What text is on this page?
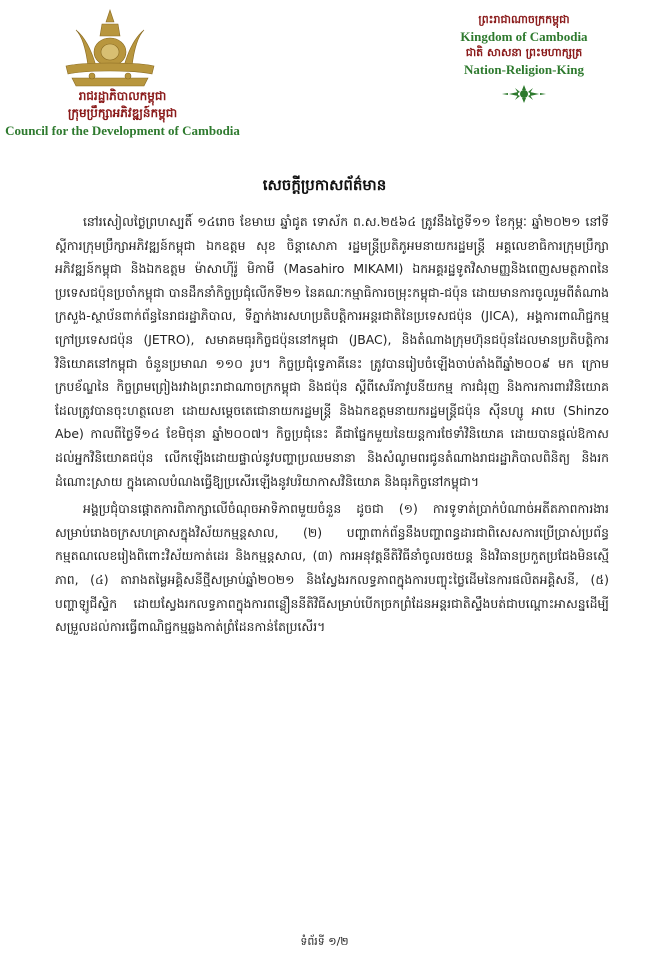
រាជរដ្ឋាភិបាលកម្ពុជា
ក្រុមប្រឹក្សាអភិវឌ្ឍន៍កម្ពុជា
Council for the Development of Cambodia
ព្រះរាជាណាចក្រកម្ពុជា
Kingdom of Cambodia
ជាតិ សាសនា ព្រះមហាក្សត្រ
Nation-Religion-King
សេចក្តីប្រកាសព័ត៌មាន

នៅរសៀលថ្ងៃព្រហស្បតិ៍ ១៤រោច ខែមាឃ ឆ្នាំជូត ទោស័ក ព.ស.២៥៦៤ ត្រូវនឹងថ្ងៃទី១១ ខែកុម្ភៈ ឆ្នាំ២០២១ នៅទីស្តីការក្រុមប្រឹក្សាអភិវឌ្ឍន៍កម្ពុជា ឯកឧត្តម សុខ ចិន្តាសោភា រដ្ឋមន្ត្រីប្រតិភូអមនាយករដ្ឋមន្ត្រី អគ្គលេខាធិការក្រុមប្រឹក្សាអភិវឌ្ឍន៍កម្ពុជា និងឯកឧត្តម ម៉ាសាហ៊ីរ៉ូ មិកាមី (Masahiro MIKAMI) ឯកអគ្គរដ្ឋទូតវិសាមញ្ញនិងពេញសមត្ថភាពនៃប្រទេសជប៉ុនប្រចាំកម្ពុជា បានដឹកនាំកិច្ចប្រជុំលើកទី២១ នៃគណៈកម្មាធិការចម្រុះកម្ពុជា-ជប៉ុន ដោយមានការចូលរួមពីតំណាងក្រសួង-ស្ថាប័នពាក់ព័ន្ធនៃរាជរដ្ឋាភិបាល, ទីភ្នាក់ងារសហប្រតិបត្តិការអន្តរជាតិនៃប្រទេសជប៉ុន (JICA), អង្គការពាណិជ្ជកម្មក្រៅប្រទេសជប៉ុន (JETRO), សមាគមធុរកិច្ចជប៉ុននៅកម្ពុជា (JBAC), និងតំណាងក្រុមហ៊ុនជប៉ុនដែលមានប្រតិបត្តិការវិនិយោគនៅកម្ពុជា ចំនួនប្រមាណ ១១០ រូប។ កិច្ចប្រជុំទ្វេភាគីនេះ ត្រូវបានរៀបចំឡើងចាប់តាំងពីឆ្នាំ២០០៩ មក ក្រោមក្របខ័ណ្ឌនៃ កិច្ចព្រមព្រៀងរវាងព្រះរាជាណាចក្រកម្ពុជា និងជប៉ុន ស្តីពីសេរីភាវូបនីយកម្ម ការជំរុញ និងការការពារវិនិយោគ ដែលត្រូវបានចុះហត្ថលេខា ដោយសម្តេចតេជោនាយករដ្ឋមន្ត្រី និងឯកឧត្តមនាយករដ្ឋមន្ត្រីជប៉ុន ស៊ីនហ្សូ អាបេ (Shinzo Abe) កាលពីថ្ងៃទី១៤ ខែមិថុនា ឆ្នាំ២០០៧។ កិច្ចប្រជុំនេះ គឺជាផ្នែកមួយនៃយន្តការថែទាំវិនិយោគ ដោយបានផ្តល់ឱកាសដល់អ្នកវិនិយោគជប៉ុន លើកឡើងដោយផ្ទាល់នូវបញ្ហាប្រឈមនានា និងសំណូមពរជូនតំណាងរាជរដ្ឋាភិបាលពិនិត្យ និងរកដំណោះស្រាយ ក្នុងគោលបំណងធ្វើឱ្យប្រសើរឡើងនូវបរិយាកាសវិនិយោគ និងធុរកិច្ចនៅកម្ពុជា។

អង្គប្រជុំបានផ្តោតការពិភាក្សាលើចំណុចអាទិភាពមួយចំនួន ដូចជា (១) ការទូទាត់ប្រាក់បំណាច់អតីតភាពការងារសម្រាប់រោងចក្រសហគ្រាសក្នុងវិស័យកម្មន្តសាល, (២) បញ្ហាពាក់ព័ន្ធនឹងបញ្ហាពន្ធដារជាពិសេសការប្រើប្រាស់ប្រព័ន្ធកម្មតណលេខរៀងពិពោះវិស័យកាត់ដេរ និងកម្មន្តសាល, (៣) ការអនុវត្តនីតិវិធីនាំចូលរថយន្ត និងវិធានប្រកួតប្រជែងមិនស្មើភាព, (៤) តារាងតម្លៃអគ្គិសនីថ្មីសម្រាប់ឆ្នាំ២០២១ និងស្វែងរកលទ្ធភាពក្នុងការបញ្ចុះថ្លៃដើមនៃការផលិតអគ្គិសនី, (៥) បញ្ហាឡូជីស្ទិក ដោយស្វែងរកលទ្ធភាពក្នុងការពន្លឿននីតិវិធីសម្រាប់បើកច្រកព្រំដែនអន្តរជាតិស្ទឹងបត់ជាបណ្តោះអាសន្នដើម្បីសម្រួលដល់ការធ្វើពាណិជ្ជកម្មឆ្លងកាត់ព្រំដែនកាន់តែប្រសើរ។

ទំព័រទី ១/២
